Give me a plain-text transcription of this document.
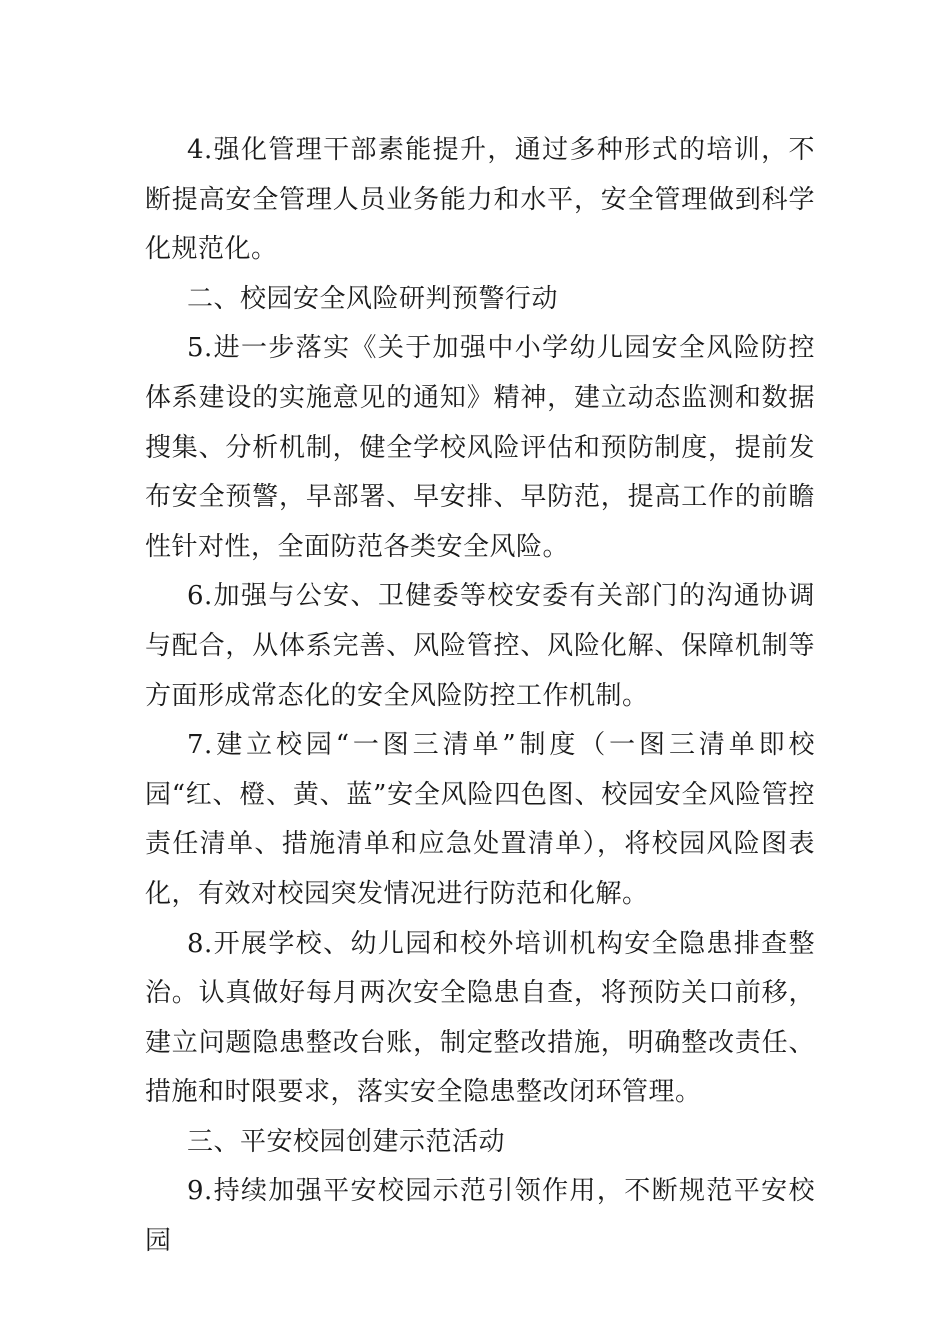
4.强化管理干部素能提升，通过多种形式的培训，不断提高安全管理人员业务能力和水平，安全管理做到科学化规范化。

二、校园安全风险研判预警行动

5.进一步落实《关于加强中小学幼儿园安全风险防控体系建设的实施意见的通知》精神，建立动态监测和数据搜集、分析机制，健全学校风险评估和预防制度，提前发布安全预警，早部署、早安排、早防范，提高工作的前瞻性针对性，全面防范各类安全风险。

6.加强与公安、卫健委等校安委有关部门的沟通协调与配合，从体系完善、风险管控、风险化解、保障机制等方面形成常态化的安全风险防控工作机制。

7.建立校园“一图三清单”制度（一图三清单即校园“红、橙、黄、蓝”安全风险四色图、校园安全风险管控责任清单、措施清单和应急处置清单），将校园风险图表化，有效对校园突发情况进行防范和化解。

8.开展学校、幼儿园和校外培训机构安全隐患排查整治。认真做好每月两次安全隐患自查，将预防关口前移，建立问题隐患整改台账，制定整改措施，明确整改责任、措施和时限要求，落实安全隐患整改闭环管理。

三、平安校园创建示范活动

9.持续加强平安校园示范引领作用，不断规范平安校园
